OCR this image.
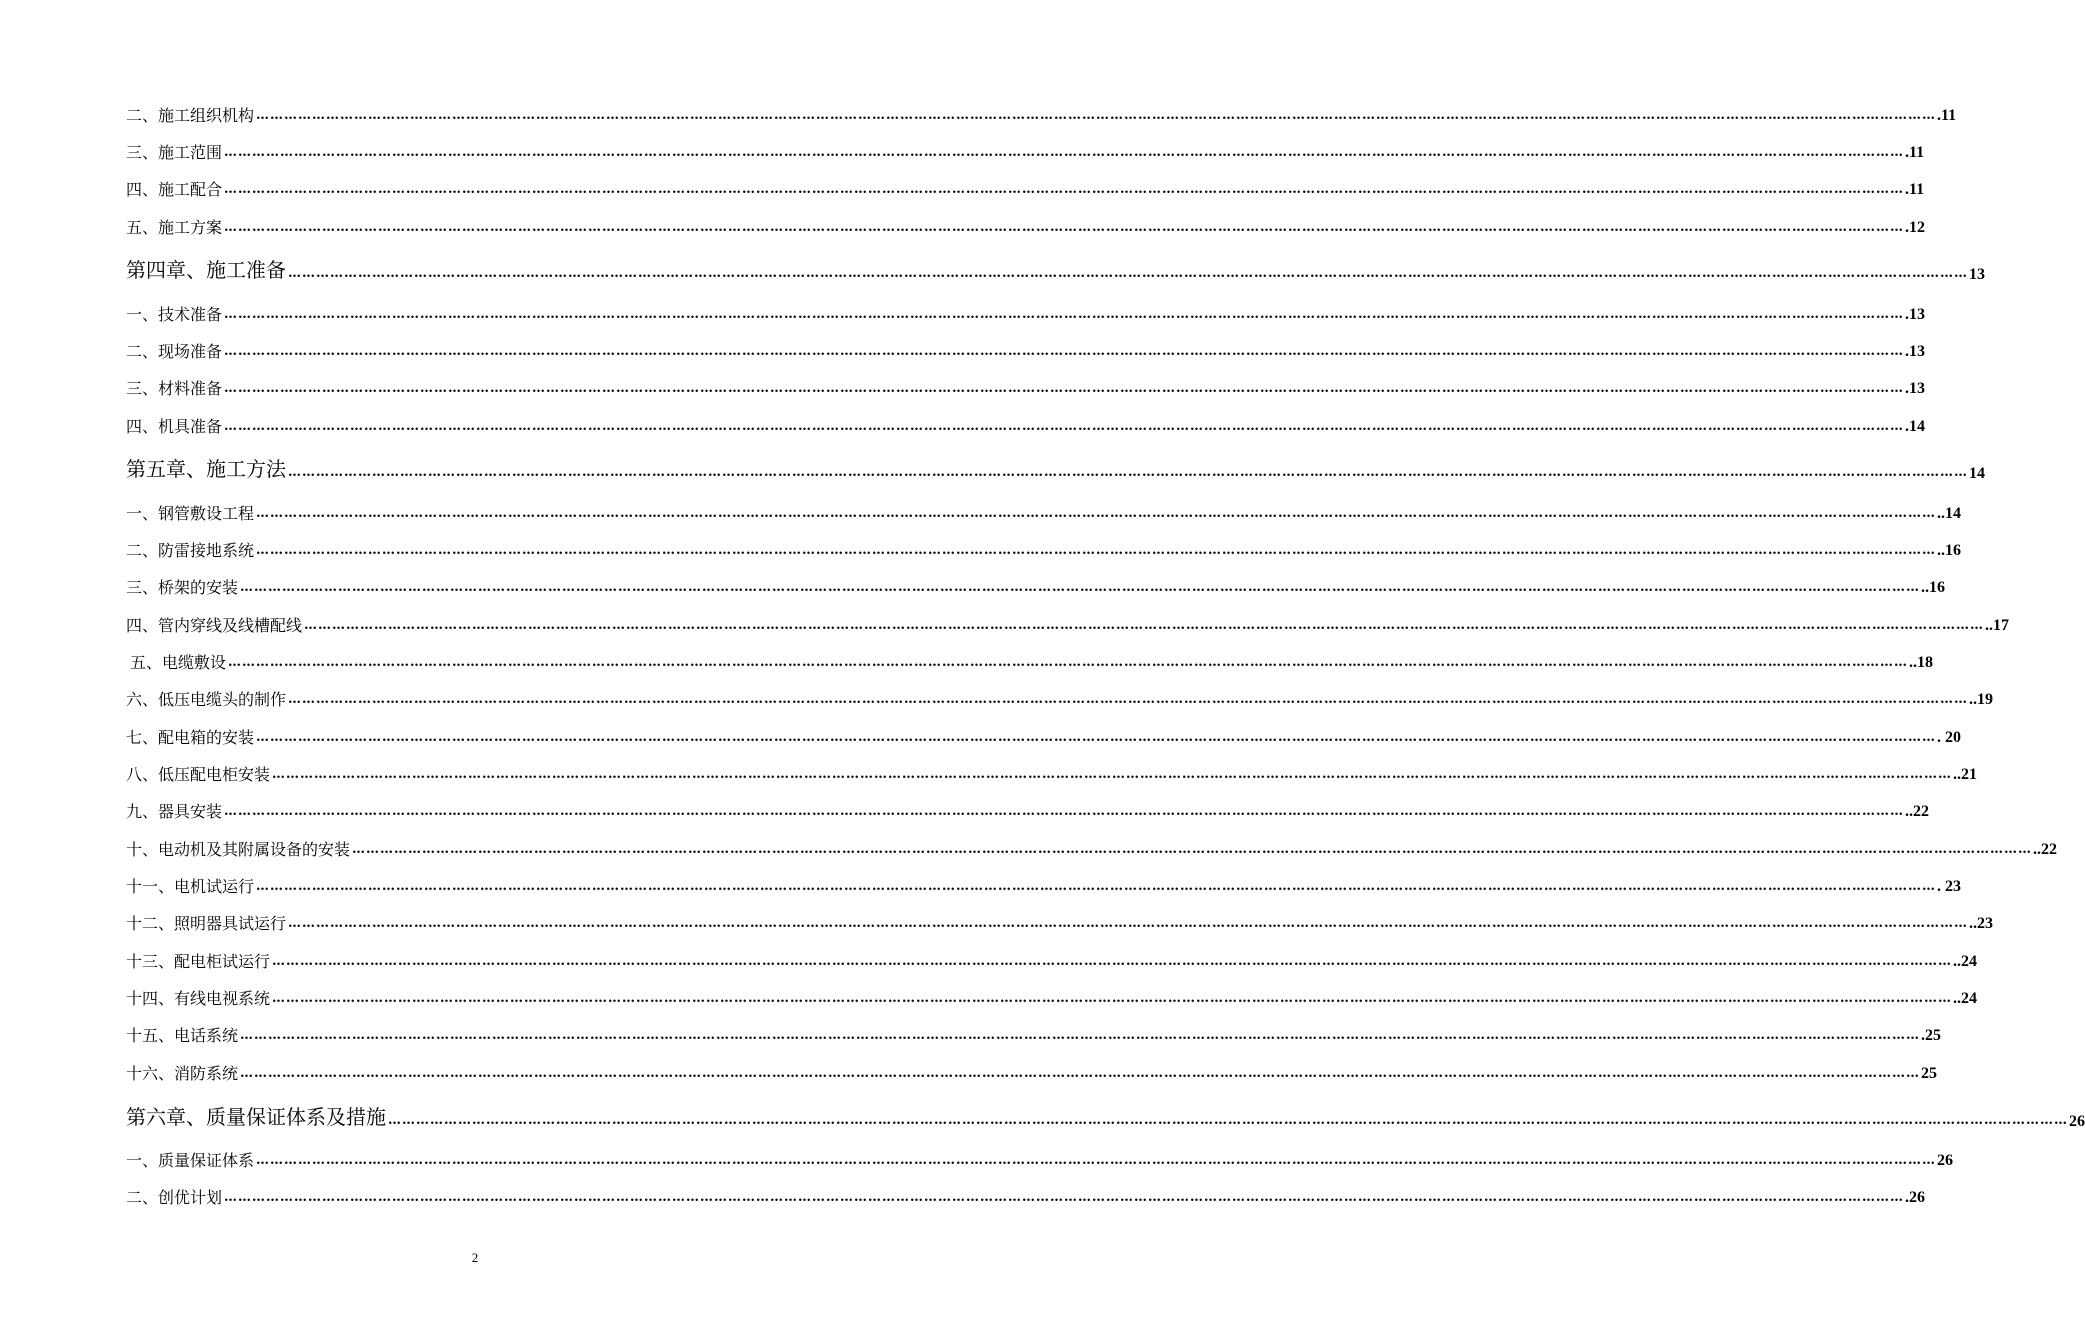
二、施工组织机构 ……………………………………………………………………………………………………………………………………………………………………………………………………………………………………………………………………………………………………………………………… .11
三、施工范围 ……………………………………………………………………………………………………………………………………………………………………………………………………………………………………………………………………………………………………………………………… .11
四、施工配合 ……………………………………………………………………………………………………………………………………………………………………………………………………………………………………………………………………………………………………………………………… .11
五、施工方案 ……………………………………………………………………………………………………………………………………………………………………………………………………………………………………………………………………………………………………………………………… .12
第四章、施工准备 ……………………………………………………………………………………………………………………………………………………………………………………………………………………………………………………………………………………………………………………………… 13
一、技术准备 ……………………………………………………………………………………………………………………………………………………………………………………………………………………………………………………………………………………………………………………………… .13
二、现场准备 ……………………………………………………………………………………………………………………………………………………………………………………………………………………………………………………………………………………………………………………………… .13
三、材料准备 ……………………………………………………………………………………………………………………………………………………………………………………………………………………………………………………………………………………………………………………………… .13
四、机具准备 ……………………………………………………………………………………………………………………………………………………………………………………………………………………………………………………………………………………………………………………………… .14
第五章、施工方法 ……………………………………………………………………………………………………………………………………………………………………………………………………………………………………………………………………………………………………………………………… 14
一、钢管敷设工程 ……………………………………………………………………………………………………………………………………………………………………………………………………………………………………………………………………………………………………………………………… ..14
二、防雷接地系统 ……………………………………………………………………………………………………………………………………………………………………………………………………………………………………………………………………………………………………………………………… ..16
三、桥架的安装 ……………………………………………………………………………………………………………………………………………………………………………………………………………………………………………………………………………………………………………………………… ..16
四、管内穿线及线槽配线 ……………………………………………………………………………………………………………………………………………………………………………………………………………………………………………………………………………………………………………………………… ..17
五、电缆敷设 ……………………………………………………………………………………………………………………………………………………………………………………………………………………………………………………………………………………………………………………………… ..18
六、低压电缆头的制作 ……………………………………………………………………………………………………………………………………………………………………………………………………………………………………………………………………………………………………………………………… ..19
七、配电箱的安装 ……………………………………………………………………………………………………………………………………………………………………………………………………………………………………………………………………………………………………………………………… . 20
八、低压配电柜安装 ……………………………………………………………………………………………………………………………………………………………………………………………………………………………………………………………………………………………………………………………… ..21
九、器具安装 ……………………………………………………………………………………………………………………………………………………………………………………………………………………………………………………………………………………………………………………………… ..22
十、电动机及其附属设备的安装 ……………………………………………………………………………………………………………………………………………………………………………………………………………………………………………………………………………………………………………………………… ..22
十一、电机试运行 ……………………………………………………………………………………………………………………………………………………………………………………………………………………………………………………………………………………………………………………………… . 23
十二、照明器具试运行 ……………………………………………………………………………………………………………………………………………………………………………………………………………………………………………………………………………………………………………………………… ..23
十三、配电柜试运行 ……………………………………………………………………………………………………………………………………………………………………………………………………………………………………………………………………………………………………………………………… ..24
十四、有线电视系统 ……………………………………………………………………………………………………………………………………………………………………………………………………………………………………………………………………………………………………………………………… ..24
十五、电话系统 ……………………………………………………………………………………………………………………………………………………………………………………………………………………………………………………………………………………………………………………………… .25
十六、消防系统 ……………………………………………………………………………………………………………………………………………………………………………………………………………………………………………………………………………………………………………………………… 25
第六章、质量保证体系及措施 ……………………………………………………………………………………………………………………………………………………………………………………………………………………………………………………………………………………………………………………………… 26
一、质量保证体系 ……………………………………………………………………………………………………………………………………………………………………………………………………………………………………………………………………………………………………………………………… 26
二、创优计划 ……………………………………………………………………………………………………………………………………………………………………………………………………………………………………………………………………………………………………………………………… .26
2
